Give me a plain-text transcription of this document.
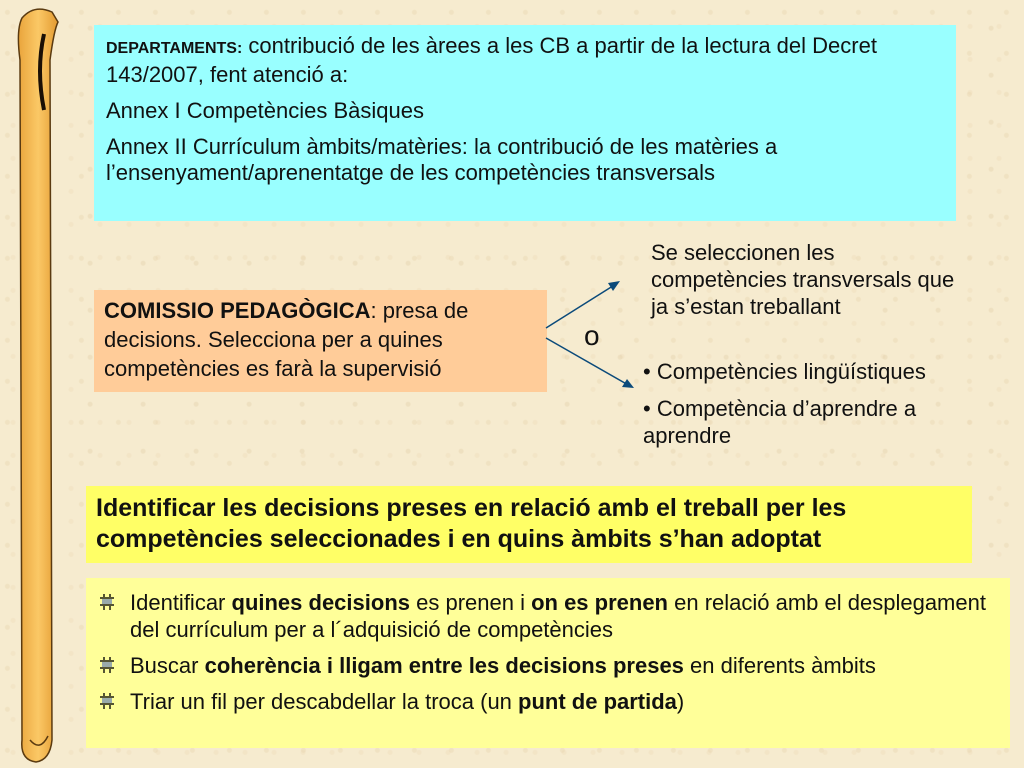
DEPARTAMENTS: contribució de les àrees a les CB a partir de la lectura del Decret 143/2007, fent atenció a:

Annex I Competències Bàsiques

Annex II Currículum àmbits/matèries: la contribució de les matèries a l’ensenyament/aprenentatge de les competències transversals

COMISSIO PEDAGÒGICA: presa de decisions. Selecciona per a quines competències es farà la supervisió
Se seleccionen les competències transversals que ja s’estan treballant
o

• Competències lingüístiques

• Competència d’aprendre a aprendre

Identificar les decisions preses en relació amb el treball per les competències seleccionades i en quins àmbits s’han adoptat
Identificar quines decisions es prenen i on es prenen en relació amb el desplegament del currículum per a l´adquisició de competències
Buscar coherència i lligam entre les decisions preses en diferents àmbits
Triar un fil per descabdellar la troca (un punt de partida)
